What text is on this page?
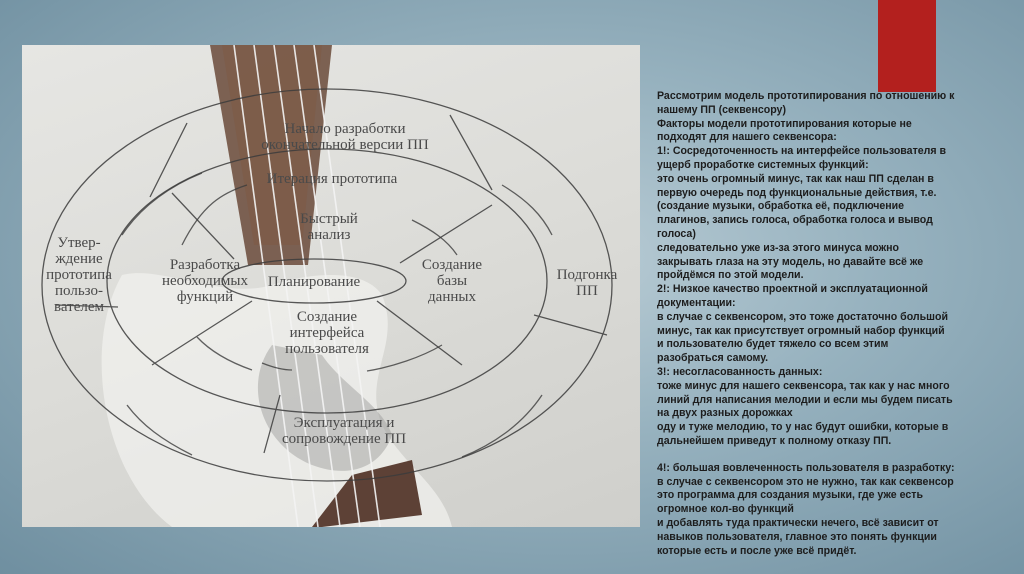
Начало разработки
окончательной версии ПП
Итерация прототипа
Быстрый
анализ
Разработка
необходимых
функций
Планирование
Создание
базы
данных
Создание
интерфейса
пользователя
Утвер-
ждение
прототипа
пользо-
вателем
Подгонка
ПП
Эксплуатация и
сопровождение ПП

Рассмотрим модель прототипирования по отношению к
нашему ПП (секвенсору)
Факторы модели прототипирования которые не
подходят для нашего секвенсора:
1!: Сосредоточенность на интерфейсе пользователя в
ущерб проработке системных функций:
это очень огромный минус, так как наш ПП сделан в
первую очередь под функциональные действия, т.е.
(создание музыки, обработка её, подключение
плагинов, запись голоса, обработка голоса и вывод
голоса)
следовательно уже из-за этого минуса можно
закрывать глаза на эту модель, но давайте всё же
пройдёмся по этой модели.
2!: Низкое качество проектной и эксплуатационной
документации:
в случае с секвенсором, это тоже достаточно большой
минус, так как присутствует огромный набор функций
и пользователю будет тяжело со всем этим
разобраться самому.
3!: несогласованность данных:
тоже минус для нашего секвенсора, так как у нас много
линий для написания мелодии и если мы будем писать
на двух разных дорожках
оду и туже мелодию, то у нас будут ошибки, которые в
дальнейшем приведут к полному отказу ПП.

4!: большая вовлеченность пользователя в разработку:
в случае с секвенсором это не нужно, так как секвенсор
это программа для создания музыки, где уже есть
огромное кол-во функций
и добавлять туда практически нечего, всё зависит от
навыков пользователя, главное это понять функции
которые есть и после уже всё придёт.
